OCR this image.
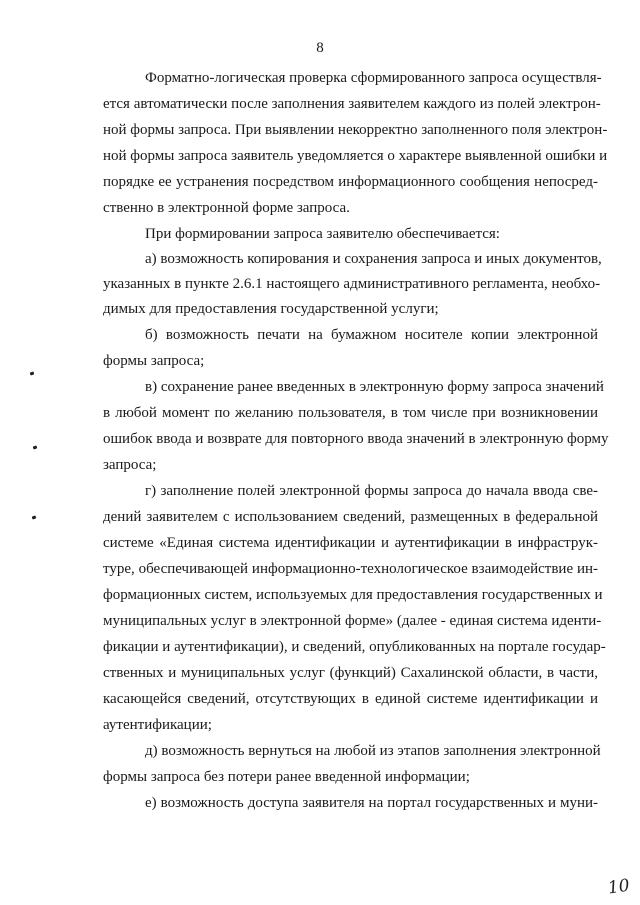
8
Форматно-логическая проверка сформированного запроса осуществля-
ется автоматически после заполнения заявителем каждого из полей электрон-
ной формы запроса. При выявлении некорректно заполненного поля электрон-
ной формы запроса заявитель уведомляется о характере выявленной ошибки и
порядке ее устранения посредством информационного сообщения непосред-
ственно в электронной форме запроса.
При формировании запроса заявителю обеспечивается:
а) возможность копирования и сохранения запроса и иных документов,
указанных в пункте 2.6.1 настоящего административного регламента, необхо-
димых для предоставления государственной услуги;
б) возможность печати на бумажном носителе копии электронной
формы запроса;
в) сохранение ранее введенных в электронную форму запроса значений
в любой момент по желанию пользователя, в том числе при возникновении
ошибок ввода и возврате для повторного ввода значений в электронную форму
запроса;
г) заполнение полей электронной формы запроса до начала ввода све-
дений заявителем с использованием сведений, размещенных в федеральной
системе «Единая система идентификации и аутентификации в инфраструк-
туре, обеспечивающей информационно-технологическое взаимодействие ин-
формационных систем, используемых для предоставления государственных и
муниципальных услуг в электронной форме» (далее - единая система иденти-
фикации и аутентификации), и сведений, опубликованных на портале государ-
ственных и муниципальных услуг (функций) Сахалинской области, в части,
касающейся сведений, отсутствующих в единой системе идентификации и
аутентификации;
д) возможность вернуться на любой из этапов заполнения электронной
формы запроса без потери ранее введенной информации;
е) возможность доступа заявителя на портал государственных и муни-
10
